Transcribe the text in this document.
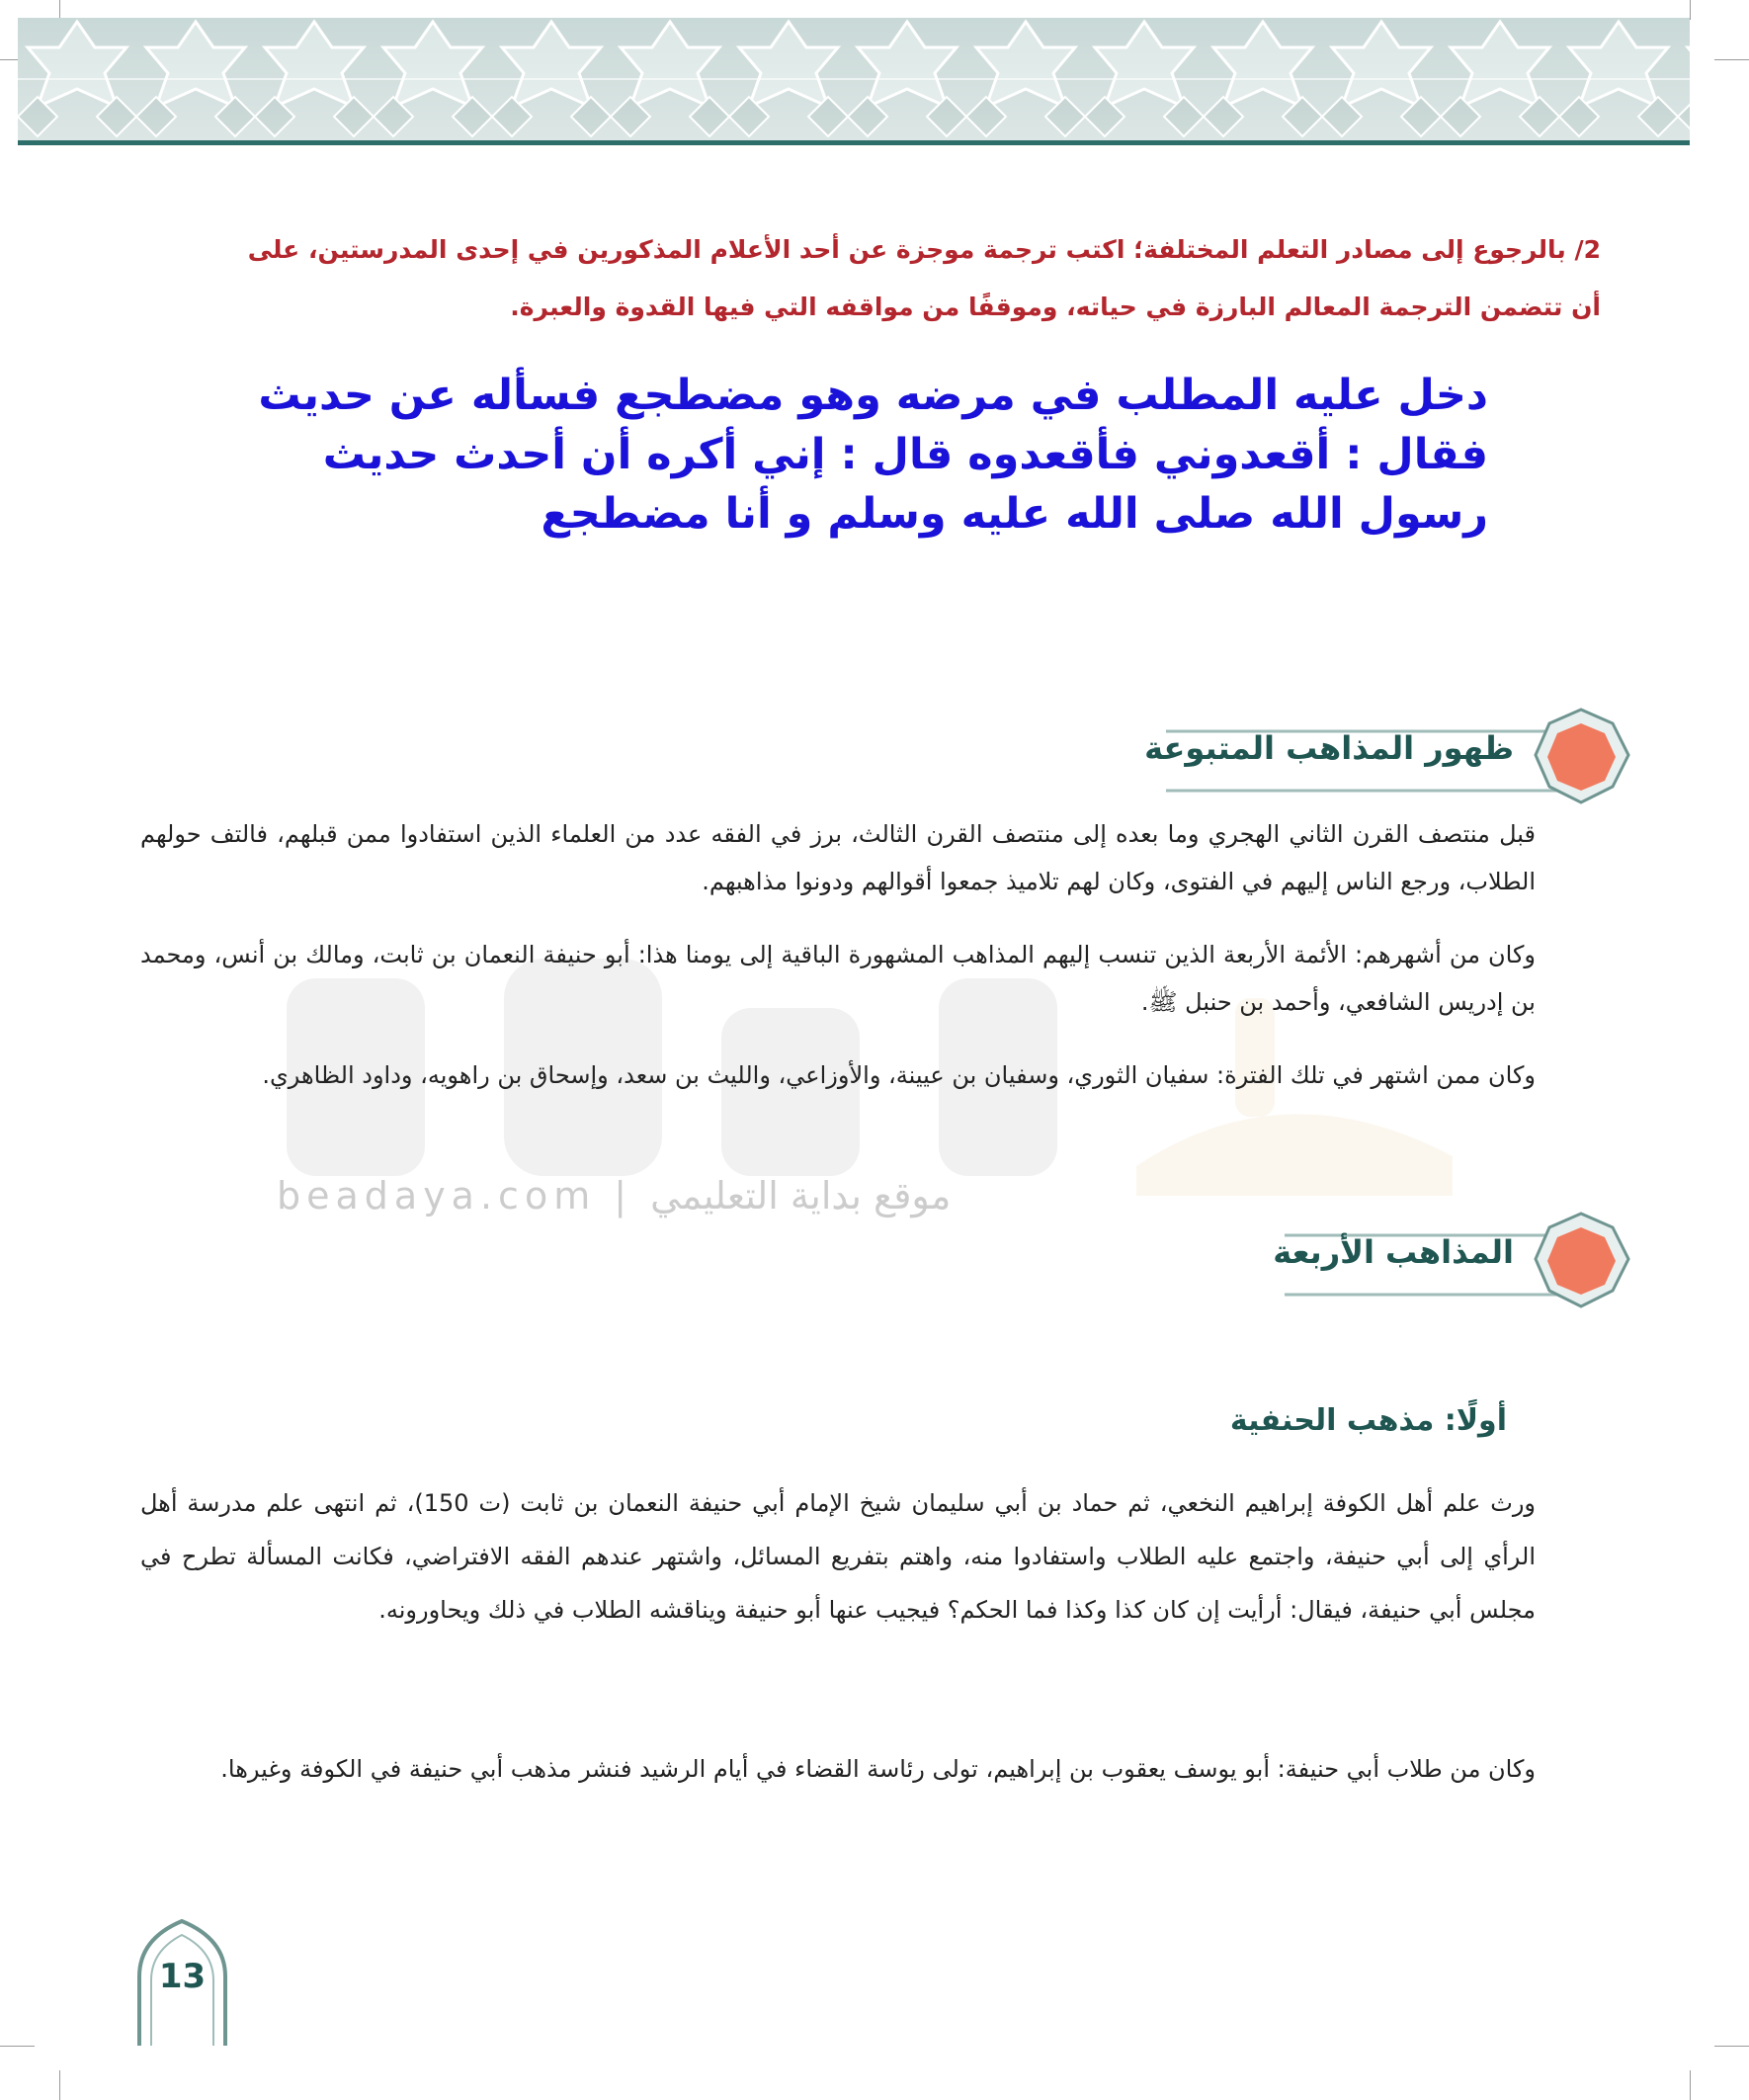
2/ بالرجوع إلى مصادر التعلم المختلفة؛ اكتب ترجمة موجزة عن أحد الأعلام المذكورين في إحدى المدرستين، على
أن تتضمن الترجمة المعالم البارزة في حياته، وموقفًا من مواقفه التي فيها القدوة والعبرة.
دخل عليه المطلب في مرضه وهو مضطجع فسأله عن حديث فقال : أقعدوني فأقعدوه قال : إني أكره أن أحدث حديث رسول الله صلى الله عليه وسلم و أنا مضطجع
beadaya.com | موقع بداية التعليمي
ظهور المذاهب المتبوعة
قبل منتصف القرن الثاني الهجري وما بعده إلى منتصف القرن الثالث، برز في الفقه عدد من العلماء الذين استفادوا ممن قبلهم، فالتف حولهم الطلاب، ورجع الناس إليهم في الفتوى، وكان لهم تلاميذ جمعوا أقوالهم ودونوا مذاهبهم.
وكان من أشهرهم: الأئمة الأربعة الذين تنسب إليهم المذاهب المشهورة الباقية إلى يومنا هذا: أبو حنيفة النعمان بن ثابت، ومالك بن أنس، ومحمد بن إدريس الشافعي، وأحمد بن حنبل ﷺ.
وكان ممن اشتهر في تلك الفترة: سفيان الثوري، وسفيان بن عيينة، والأوزاعي، والليث بن سعد، وإسحاق بن راهويه، وداود الظاهري.
المذاهب الأربعة
أولًا: مذهب الحنفية
ورث علم أهل الكوفة إبراهيم النخعي، ثم حماد بن أبي سليمان شيخ الإمام أبي حنيفة النعمان بن ثابت (ت 150)، ثم انتهى علم مدرسة أهل الرأي إلى أبي حنيفة، واجتمع عليه الطلاب واستفادوا منه، واهتم بتفريع المسائل، واشتهر عندهم الفقه الافتراضي، فكانت المسألة تطرح في مجلس أبي حنيفة، فيقال: أرأيت إن كان كذا وكذا فما الحكم؟ فيجيب عنها أبو حنيفة ويناقشه الطلاب في ذلك ويحاورونه.
وكان من طلاب أبي حنيفة: أبو يوسف يعقوب بن إبراهيم، تولى رئاسة القضاء في أيام الرشيد فنشر مذهب أبي حنيفة في الكوفة وغيرها.
13
